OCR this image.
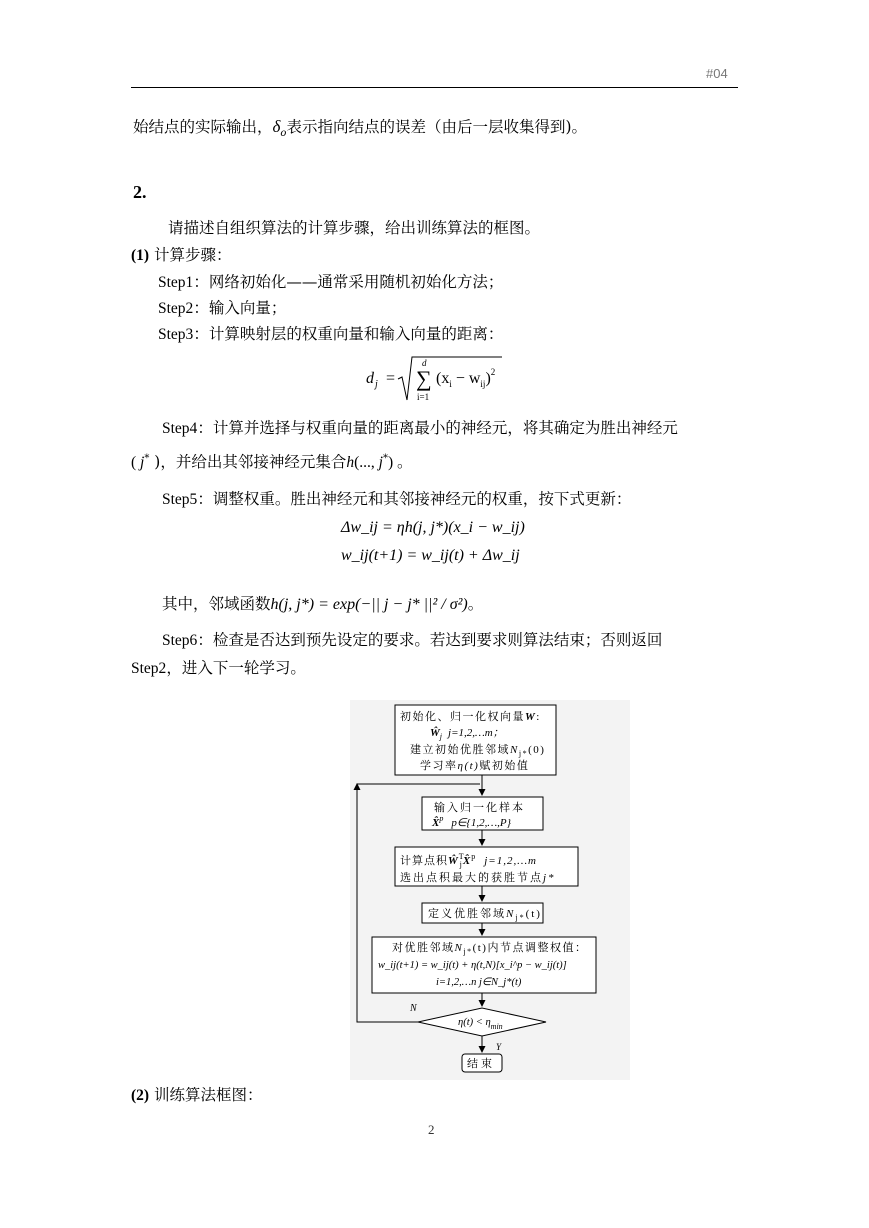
#04
始结点的实际输出，$\delta_o$表示指向结点的误差（由后一层收集得到)。
2.
请描述自组织算法的计算步骤，给出训练算法的框图。
(1) 计算步骤：
Step1：网络初始化——通常采用随机初始化方法；
Step2：输入向量；
Step3：计算映射层的权重向量和输入向量的距离：
d j =
d
∑
i=1
$(x_i - w_{ij})^2$
Step4：计算并选择与权重向量的距离最小的神经元，将其确定为胜出神经元
( j* )，并给出其邻接神经元集合h(..., j*) 。
Step5：调整权重。胜出神经元和其邻接神经元的权重，按下式更新：
Δw_ij = ηh(j, j*)(x_i − w_ij)
w_ij(t+1) = w_ij(t) + Δw_ij
其中，邻域函数h(j, j*) = exp(−|| j − j* ||² / σ²)。
Step6：检查是否达到预先设定的要求。若达到要求则算法结束；否则返回
Step2，进入下一轮学习。
初始化、归一化权向量W:
$Ŵ_j$ j=1,2,…m；
建立初始优胜邻域$N_{j*}(0)$
学习率η(t)赋初始值
输入归一化样本
X̂$^p$ p∈{1,2,…,P}
计算点积$Ŵ^T$ jX̂$^p$ j=1,2,…m
选出点积最大的获胜节点j*
定义优胜邻域$N_{j*}(t)$
对优胜邻域$N_{j*}(t)$内节点调整权值：
w_ij(t+1) = w_ij(t) + η(t,N)[x_i^p − w_ij(t)]
i=1,2,…n j∈N_j*(t)
$\eta(t) < \eta_{min}$
N
Y
结束
(2) 训练算法框图：
2
